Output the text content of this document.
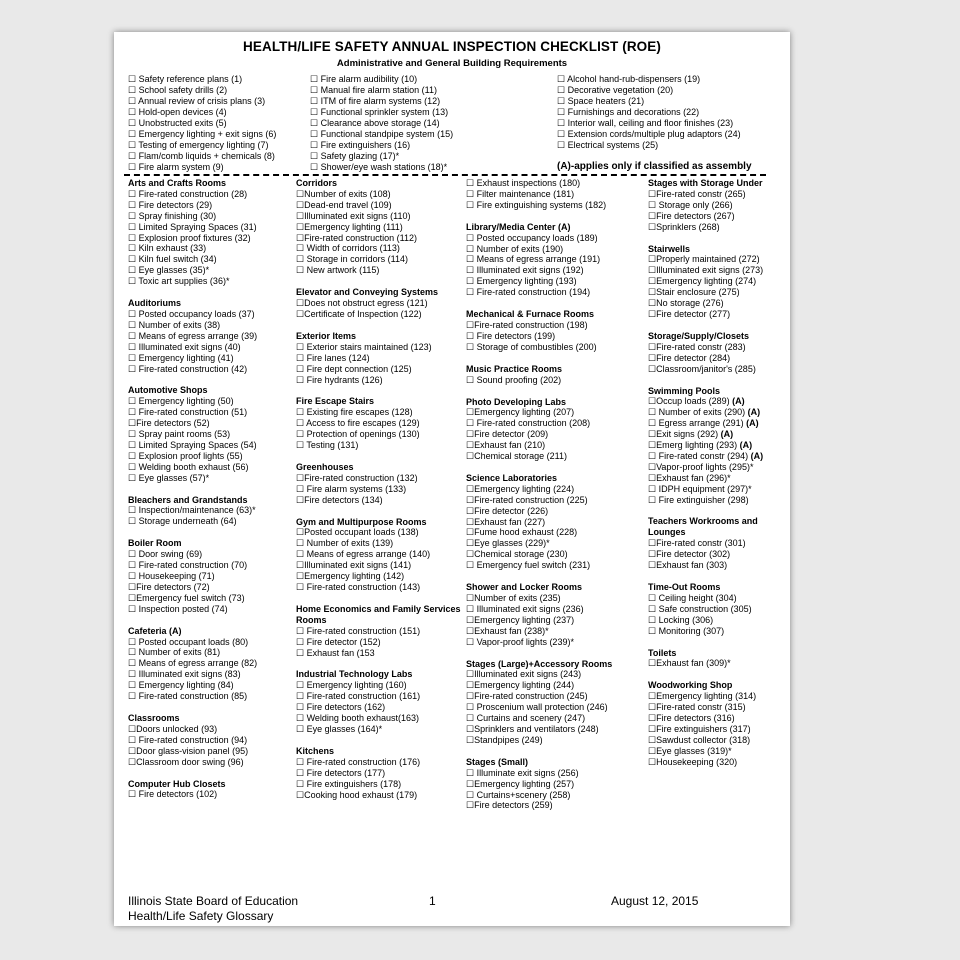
HEALTH/LIFE SAFETY ANNUAL INSPECTION CHECKLIST (ROE)
Administrative and General Building Requirements
☐ Safety reference plans (1)
☐ School safety drills (2)
☐ Annual review of crisis plans (3)
☐ Hold-open devices (4)
☐ Unobstructed exits (5)
☐ Emergency lighting + exit signs (6)
☐ Testing of emergency lighting (7)
☐ Flam/comb liquids + chemicals (8)
☐ Fire alarm system (9)
☐ Fire alarm audibility (10)
☐ Manual fire alarm station (11)
☐ ITM of fire alarm systems (12)
☐ Functional sprinkler system (13)
☐ Clearance above storage (14)
☐ Functional standpipe system (15)
☐ Fire extinguishers (16)
☐ Safety glazing (17)*
☐ Shower/eye wash stations (18)*
☐ Alcohol hand-rub-dispensers (19)
☐ Decorative vegetation (20)
☐ Space heaters (21)
☐ Furnishings and decorations (22)
☐ Interior wall, ceiling and floor finishes (23)
☐ Extension cords/multiple plug adaptors (24)
☐ Electrical systems (25)
(A)-applies only if classified as assembly
Arts and Crafts Rooms
☐ Fire-rated construction (28)
☐ Fire detectors (29)
☐ Spray finishing (30)
☐ Limited Spraying Spaces (31)
☐ Explosion proof fixtures (32)
☐ Kiln exhaust (33)
☐ Kiln fuel switch (34)
☐ Eye glasses (35)*
☐ Toxic art supplies (36)*
Auditoriums
☐ Posted occupancy loads (37)
☐ Number of exits (38)
☐ Means of egress arrange (39)
☐ Illuminated exit signs (40)
☐ Emergency lighting (41)
☐ Fire-rated construction (42)
Automotive Shops
☐ Emergency lighting (50)
☐ Fire-rated construction (51)
☐Fire detectors (52)
☐ Spray paint rooms (53)
☐ Limited Spraying Spaces (54)
☐ Explosion proof lights (55)
☐ Welding booth exhaust (56)
☐ Eye glasses (57)*
Bleachers and Grandstands
☐ Inspection/maintenance (63)*
☐ Storage underneath (64)
Boiler Room
☐ Door swing (69)
☐ Fire-rated construction (70)
☐ Housekeeping (71)
☐Fire detectors (72)
☐Emergency fuel switch (73)
☐ Inspection posted (74)
Cafeteria (A)
☐ Posted occupant loads (80)
☐ Number of exits (81)
☐ Means of egress arrange (82)
☐ Illuminated exit signs (83)
☐ Emergency lighting (84)
☐ Fire-rated construction (85)
Classrooms
☐Doors unlocked (93)
☐ Fire-rated construction (94)
☐Door glass-vision panel (95)
☐Classroom door swing (96)
Computer Hub Closets
☐ Fire detectors (102)
Corridors
☐Number of exits (108)
☐Dead-end travel (109)
☐Illuminated exit signs (110)
☐Emergency lighting (111)
☐Fire-rated construction (112)
☐ Width of corridors (113)
☐ Storage in corridors (114)
☐ New artwork (115)
Elevator and Conveying Systems
☐Does not obstruct egress (121)
☐Certificate of Inspection (122)
Exterior Items
☐ Exterior stairs maintained (123)
☐ Fire lanes (124)
☐ Fire dept connection (125)
☐ Fire hydrants (126)
Fire Escape Stairs
☐ Existing fire escapes (128)
☐ Access to fire escapes (129)
☐ Protection of openings (130)
☐ Testing (131)
Greenhouses
☐Fire-rated construction (132)
☐ Fire alarm systems (133)
☐Fire detectors (134)
Gym and Multipurpose Rooms
☐Posted occupant loads (138)
☐ Number of exits (139)
☐ Means of egress arrange (140)
☐Illuminated exit signs (141)
☐Emergency lighting (142)
☐ Fire-rated construction (143)
Home Economics and Family Services Rooms
☐ Fire-rated construction (151)
☐ Fire detector (152)
☐ Exhaust fan (153
Industrial Technology Labs
☐ Emergency lighting (160)
☐ Fire-rated construction (161)
☐ Fire detectors (162)
☐ Welding booth exhaust(163)
☐ Eye glasses (164)*
Kitchens
☐ Fire-rated construction (176)
☐ Fire detectors (177)
☐ Fire extinguishers (178)
☐Cooking hood exhaust (179)
☐ Exhaust inspections (180)
☐ Filter maintenance (181)
☐ Fire extinguishing systems (182)
Library/Media Center (A)
☐ Posted occupancy loads (189)
☐ Number of exits (190)
☐ Means of egress arrange (191)
☐ Illuminated exit signs (192)
☐ Emergency lighting (193)
☐ Fire-rated construction (194)
Mechanical & Furnace Rooms
☐Fire-rated construction (198)
☐ Fire detectors (199)
☐ Storage of combustibles (200)
Music Practice Rooms
☐ Sound proofing (202)
Photo Developing Labs
☐Emergency lighting (207)
☐ Fire-rated construction (208)
☐Fire detector (209)
☐Exhaust fan (210)
☐Chemical storage (211)
Science Laboratories
☐Emergency lighting (224)
☐Fire-rated construction (225)
☐Fire detector (226)
☐Exhaust fan (227)
☐Fume hood exhaust (228)
☐Eye glasses (229)*
☐Chemical storage (230)
☐ Emergency fuel switch (231)
Shower and Locker Rooms
☐Number of exits (235)
☐ Illuminated exit signs (236)
☐Emergency lighting (237)
☐Exhaust fan (238)*
☐ Vapor-proof lights (239)*
Stages (Large)+Accessory Rooms
☐Illuminated exit signs (243)
☐Emergency lighting (244)
☐Fire-rated construction (245)
☐ Proscenium wall protection (246)
☐ Curtains and scenery (247)
☐Sprinklers and ventilators (248)
☐Standpipes (249)
Stages (Small)
☐ Illuminate exit signs (256)
☐Emergency lighting (257)
☐ Curtains+scenery (258)
☐Fire detectors (259)
Stages with Storage Under
☐Fire-rated constr (265)
☐ Storage only (266)
☐Fire detectors (267)
☐Sprinklers (268)
Stairwells
☐Properly maintained (272)
☐Illuminated exit signs (273)
☐Emergency lighting (274)
☐Stair enclosure (275)
☐No storage (276)
☐Fire detector (277)
Storage/Supply/Closets
☐Fire-rated constr (283)
☐Fire detector (284)
☐Classroom/janitor's (285)
Swimming Pools
☐Occup loads (289) (A)
☐ Number of exits (290) (A)
☐ Egress arrange (291) (A)
☐Exit signs (292) (A)
☐Emerg lighting (293) (A)
☐ Fire-rated constr (294) (A)
☐Vapor-proof lights (295)*
☐Exhaust fan (296)*
☐ IDPH equipment (297)*
☐ Fire extinguisher (298)
Teachers Workrooms and Lounges
☐Fire-rated constr (301)
☐Fire detector (302)
☐Exhaust fan (303)
Time-Out Rooms
☐ Ceiling height (304)
☐ Safe construction (305)
☐ Locking (306)
☐ Monitoring (307)
Toilets
☐Exhaust fan (309)*
Woodworking Shop
☐Emergency lighting (314)
☐Fire-rated constr (315)
☐Fire detectors (316)
☐Fire extinguishers (317)
☐Sawdust collector (318)
☐Eye glasses (319)*
☐Housekeeping (320)
Illinois State Board of Education
Health/Life Safety Glossary
1	August 12, 2015
